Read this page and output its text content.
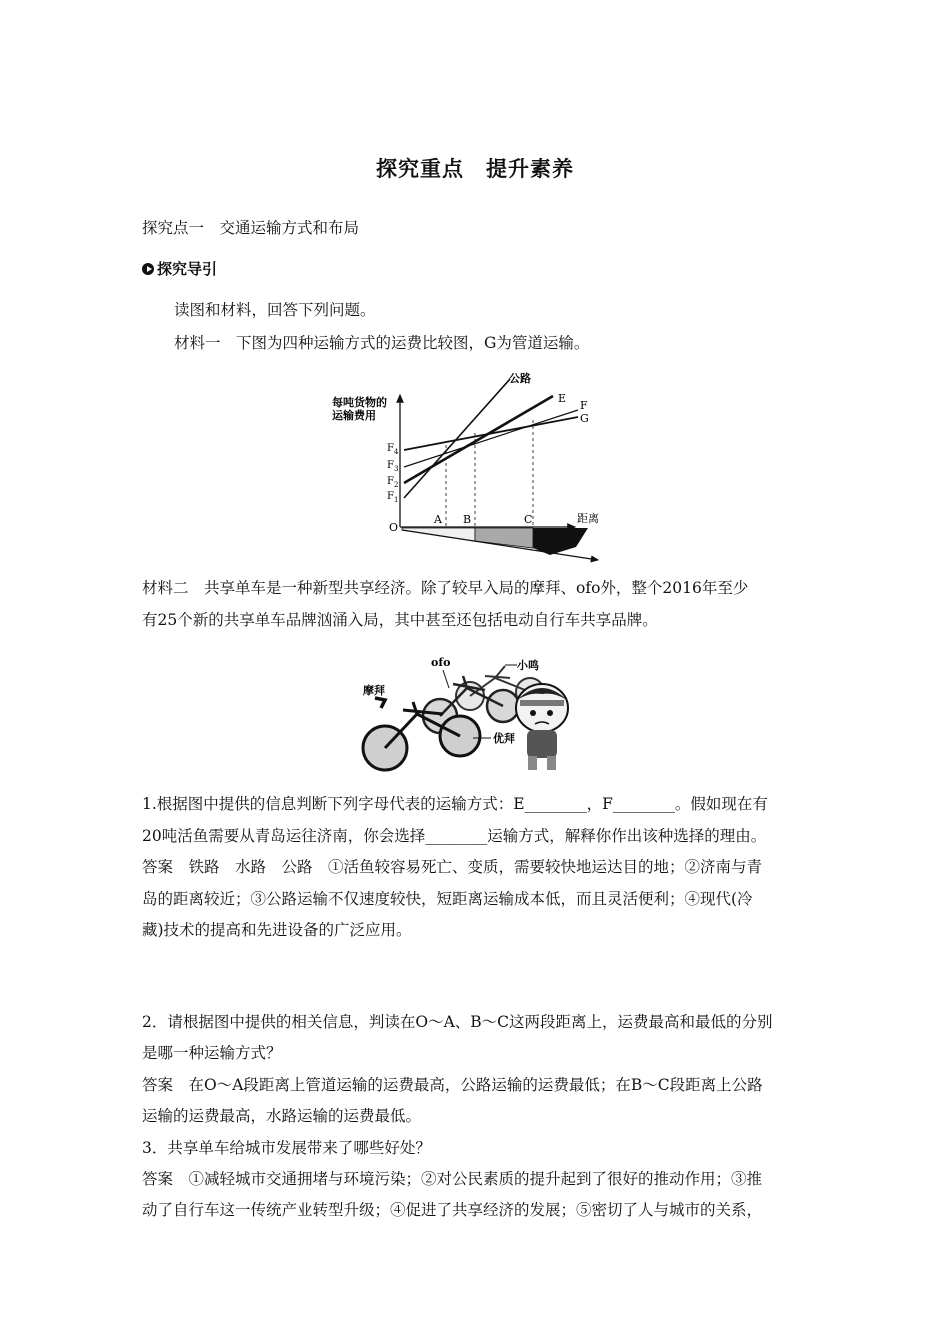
探究重点　提升素养
探究点一　交通运输方式和布局
探究导引
读图和材料，回答下列问题。
材料一　下图为四种运输方式的运费比较图，G为管道运输。
每吨货物的
运输费用
$F_4$
$F_3$
$F_2$
$F_1$
O
A B	C	距离
公路
E
F
G
材料二　共享单车是一种新型共享经济。除了较早入局的摩拜、ofo外，整个2016年至少
有25个新的共享单车品牌汹涌入局，其中甚至还包括电动自行车共享品牌。
ofo	小鸣
摩拜
优拜
1.根据图中提供的信息判断下列字母代表的运输方式：E________，F________。假如现在有
20吨活鱼需要从青岛运往济南，你会选择________运输方式，解释你作出该种选择的理由。
答案　铁路　水路　公路　①活鱼较容易死亡、变质，需要较快地运达目的地；②济南与青
岛的距离较近；③公路运输不仅速度较快，短距离运输成本低，而且灵活便利；④现代(冷
藏)技术的提高和先进设备的广泛应用。
2．请根据图中提供的相关信息，判读在O～A、B～C这两段距离上，运费最高和最低的分别
是哪一种运输方式？
答案　在O～A段距离上管道运输的运费最高，公路运输的运费最低；在B～C段距离上公路
运输的运费最高，水路运输的运费最低。
3．共享单车给城市发展带来了哪些好处？
答案　①减轻城市交通拥堵与环境污染；②对公民素质的提升起到了很好的推动作用；③推
动了自行车这一传统产业转型升级；④促进了共享经济的发展；⑤密切了人与城市的关系，
